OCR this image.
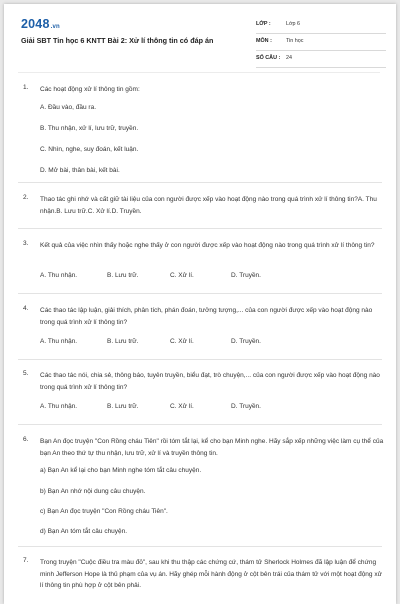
2048.vn
Giải SBT Tin học 6 KNTT Bài 2: Xử lí thông tin có đáp án
LỚP :	Lớp 6
MÔN :	Tin học
SỐ CÂU : 24
1. Các hoạt động xử lí thông tin gồm:
A. Đầu vào, đầu ra.
B. Thu nhận, xử lí, lưu trữ, truyền.
C. Nhìn, nghe, suy đoán, kết luận.
D. Mở bài, thân bài, kết bài.
2. Thao tác ghi nhớ và cất giữ tài liệu của con người được xếp vào hoạt động nào trong quá trình xử lí thông tin?A. Thu nhận.B. Lưu trữ.C. Xử lí.D. Truyền.
3. Kết quả của việc nhìn thấy hoặc nghe thấy ở con người được xếp vào hoạt động nào trong quá trình xử lí thông tin?
A. Thu nhận.	B. Lưu trữ.	C. Xử lí.	D. Truyền.
4. Các thao tác lập luận, giải thích, phân tích, phán đoán, tưởng tượng,... của con người được xếp vào hoạt động nào trong quá trình xử lí thông tin?
A. Thu nhận.	B. Lưu trữ.	C. Xử lí.	D. Truyền.
5. Các thao tác nói, chia sẻ, thông báo, tuyên truyền, biểu đạt, trò chuyện,... của con người được xếp vào hoạt động nào trong quá trình xử lí thông tin?
A. Thu nhận.	B. Lưu trữ.	C. Xử lí.	D. Truyền.
6. Bạn An đọc truyện "Con Rồng cháu Tiên" rồi tóm tắt lại, kể cho bạn Minh nghe. Hãy sắp xếp những việc làm cụ thể của bạn An theo thứ tự thu nhận, lưu trữ, xử lí và truyền thông tin.
a) Bạn An kể lại cho bạn Minh nghe tóm tắt câu chuyện.
b) Bạn An nhớ nội dung câu chuyện.
c) Bạn An đọc truyện "Con Rồng cháu Tiên".
d) Bạn An tóm tắt câu chuyện.
7. Trong truyện "Cuộc điều tra màu đỏ", sau khi thu thập các chứng cứ, thám tử Sherlock Holmes đã lập luận để chứng minh Jefferson Hope là thủ phạm của vụ án. Hãy ghép mỗi hành động ở cột bên trái của thám tử với một hoạt động xử lí thông tin phù hợp ở cột bên phải.
